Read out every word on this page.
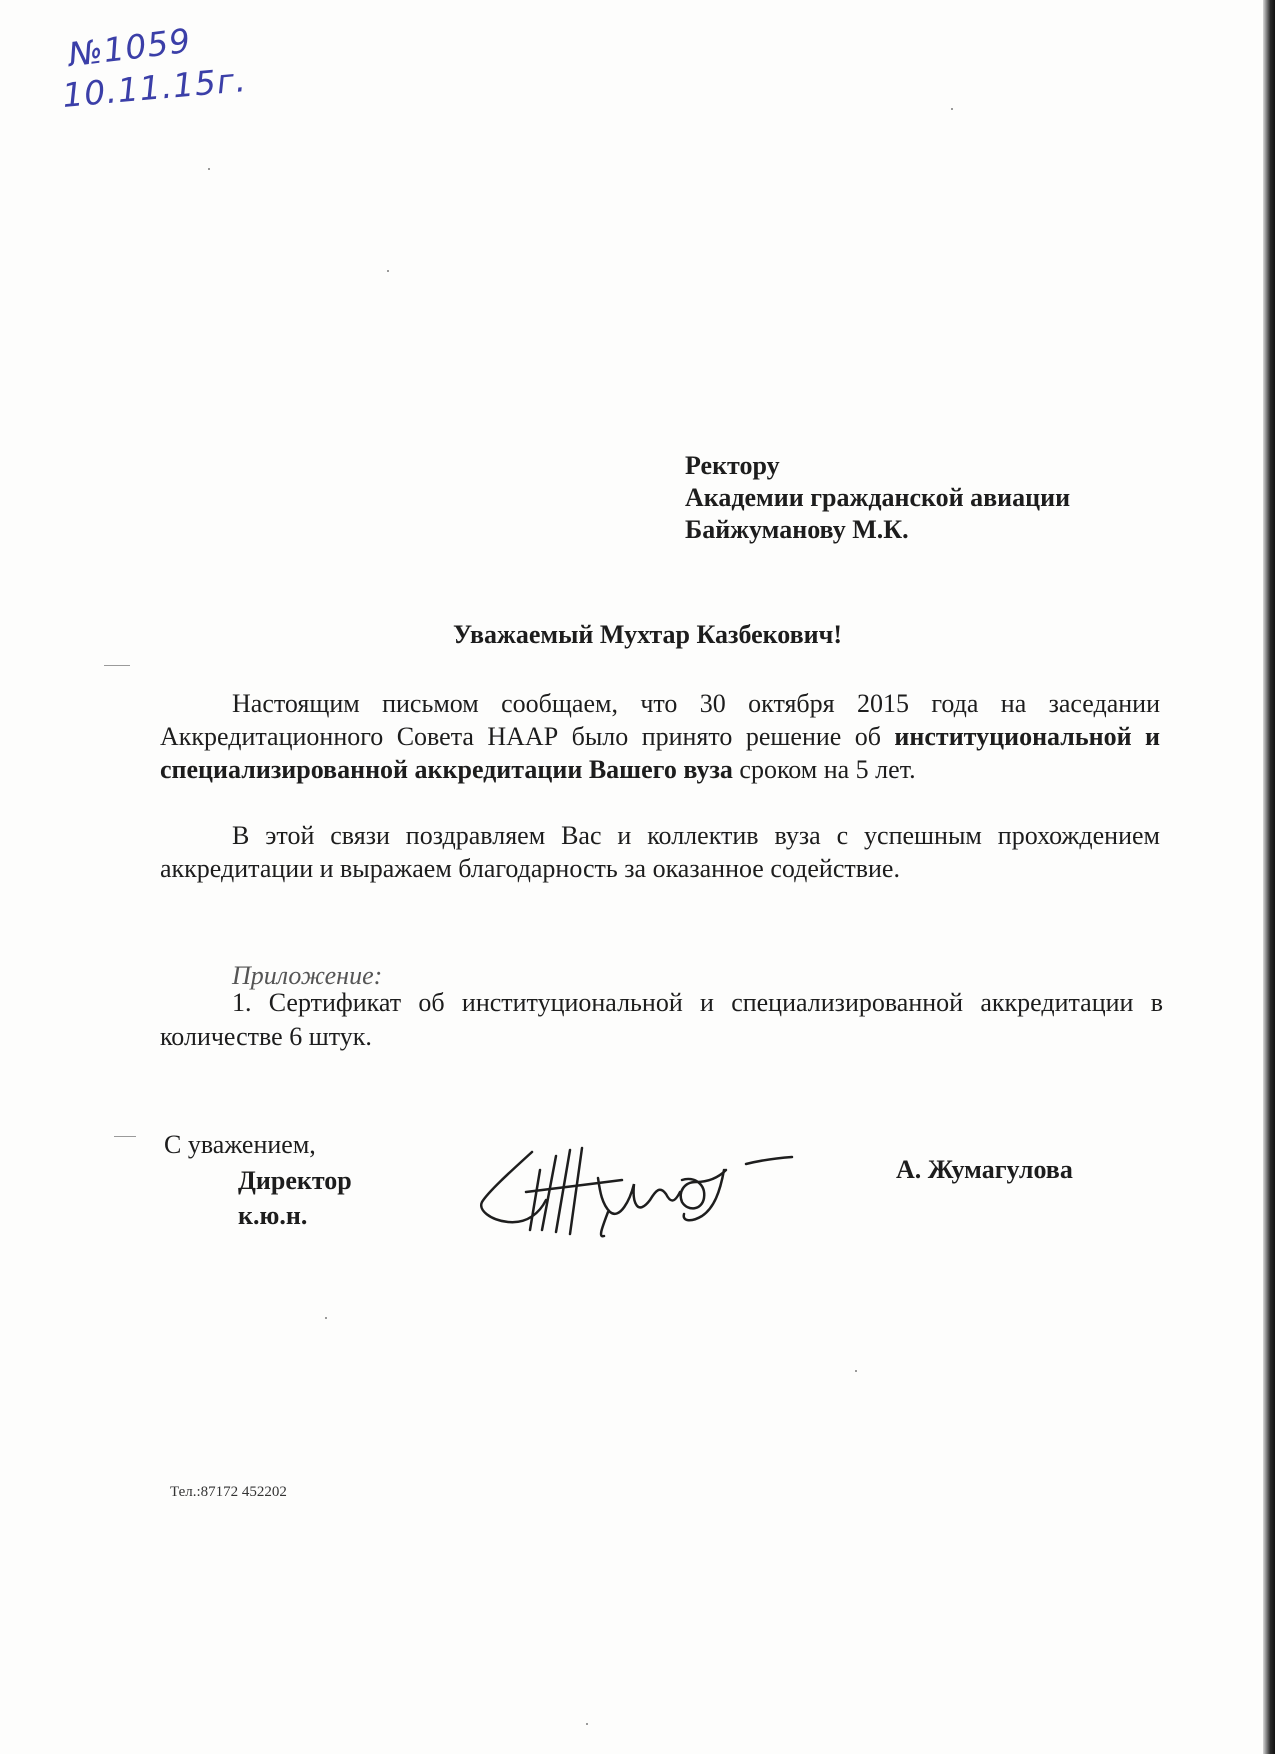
№1059
10.11.15г.
Ректору
Академии гражданской авиации
Байжуманову М.К.
Уважаемый Мухтар Казбекович!
Настоящим письмом сообщаем, что 30 октября 2015 года на заседании Аккредитационного Совета НААР было принято решение об институциональной и специализированной аккредитации Вашего вуза сроком на 5 лет.
В этой связи поздравляем Вас и коллектив вуза с успешным прохождением аккредитации и выражаем благодарность за оказанное содействие.
Приложение:
1. Сертификат об институциональной и специализированной аккредитации в количестве 6 штук.
С уважением,
Директор
к.ю.н.
А. Жумагулова
Тел.:87172 452202
